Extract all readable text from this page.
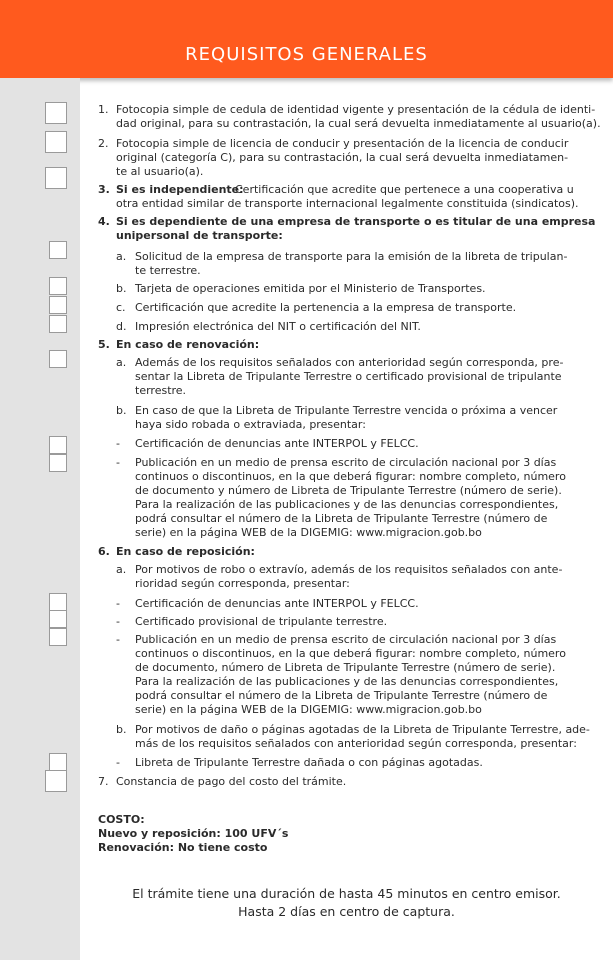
REQUISITOS GENERALES
1. Fotocopia simple de cedula de identidad vigente y presentación de la cédula de identi-
dad original, para su contrastación, la cual será devuelta inmediatamente al usuario(a).
2. Fotocopia simple de licencia de conducir y presentación de la licencia de conducir
original (categoría C), para su contrastación, la cual será devuelta inmediatamen-
te al usuario(a).
3. Si es independiente:
Certificación que acredite que pertenece a una cooperativa u
otra entidad similar de transporte internacional legalmente constituida (sindicatos).
4. Si es dependiente de una empresa de transporte o es titular de una empresa
unipersonal de transporte:
a. Solicitud de la empresa de transporte para la emisión de la libreta de tripulan-
te terrestre.
b. Tarjeta de operaciones emitida por el Ministerio de Transportes.
c. Certificación que acredite la pertenencia a la empresa de transporte.
d. Impresión electrónica del NIT o certificación del NIT.
5. En caso de renovación:
a. Además de los requisitos señalados con anterioridad según corresponda, pre-
sentar la Libreta de Tripulante Terrestre o certificado provisional de tripulante
terrestre.
b. En caso de que la Libreta de Tripulante Terrestre vencida o próxima a vencer
haya sido robada o extraviada, presentar:
- Certificación de denuncias ante INTERPOL y FELCC.
- Publicación en un medio de prensa escrito de circulación nacional por 3 días
continuos o discontinuos, en la que deberá figurar: nombre completo, número
de documento y número de Libreta de Tripulante Terrestre (número de serie).
Para la realización de las publicaciones y de las denuncias correspondientes,
podrá consultar el número de la Libreta de Tripulante Terrestre (número de
serie) en la página WEB de la DIGEMIG: www.migracion.gob.bo
6. En caso de reposición:
a. Por motivos de robo o extravío, además de los requisitos señalados con ante-
rioridad según corresponda, presentar:
- Certificación de denuncias ante INTERPOL y FELCC.
- Certificado provisional de tripulante terrestre.
- Publicación en un medio de prensa escrito de circulación nacional por 3 días
continuos o discontinuos, en la que deberá figurar: nombre completo, número
de documento, número de Libreta de Tripulante Terrestre (número de serie).
Para la realización de las publicaciones y de las denuncias correspondientes,
podrá consultar el número de la Libreta de Tripulante Terrestre (número de
serie) en la página WEB de la DIGEMIG: www.migracion.gob.bo
b. Por motivos de daño o páginas agotadas de la Libreta de Tripulante Terrestre, ade-
más de los requisitos señalados con anterioridad según corresponda, presentar:
- Libreta de Tripulante Terrestre dañada o con páginas agotadas.
7. Constancia de pago del costo del trámite.
COSTO:
Nuevo y reposición: 100 UFV´s
Renovación: No tiene costo
El trámite tiene una duración de hasta 45 minutos en centro emisor.
Hasta 2 días en centro de captura.
